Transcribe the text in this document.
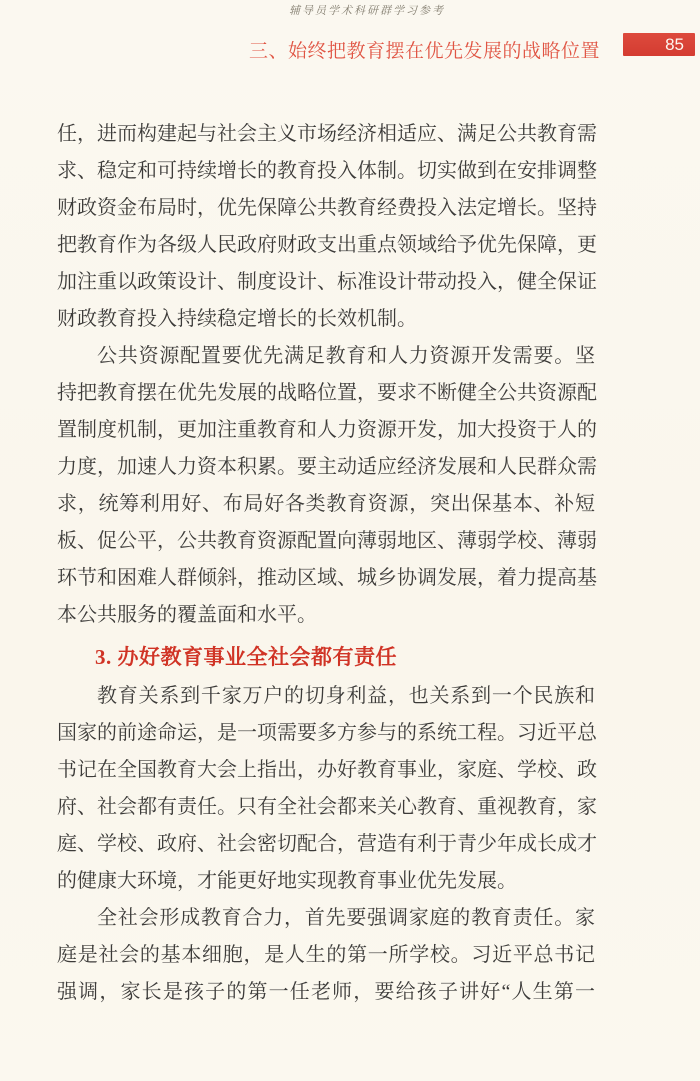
辅导员学术科研群学习参考
三、始终把教育摆在优先发展的战略位置	85
任，进而构建起与社会主义市场经济相适应、满足公共教育需
求、稳定和可持续增长的教育投入体制。切实做到在安排调整
财政资金布局时，优先保障公共教育经费投入法定增长。坚持
把教育作为各级人民政府财政支出重点领域给予优先保障，更
加注重以政策设计、制度设计、标准设计带动投入，健全保证
财政教育投入持续稳定增长的长效机制。
公共资源配置要优先满足教育和人力资源开发需要。坚
持把教育摆在优先发展的战略位置，要求不断健全公共资源配
置制度机制，更加注重教育和人力资源开发，加大投资于人的
力度，加速人力资本积累。要主动适应经济发展和人民群众需
求，统筹利用好、布局好各类教育资源，突出保基本、补短
板、促公平，公共教育资源配置向薄弱地区、薄弱学校、薄弱
环节和困难人群倾斜，推动区域、城乡协调发展，着力提高基
本公共服务的覆盖面和水平。
3. 办好教育事业全社会都有责任
教育关系到千家万户的切身利益，也关系到一个民族和
国家的前途命运，是一项需要多方参与的系统工程。习近平总
书记在全国教育大会上指出，办好教育事业，家庭、学校、政
府、社会都有责任。只有全社会都来关心教育、重视教育，家
庭、学校、政府、社会密切配合，营造有利于青少年成长成才
的健康大环境，才能更好地实现教育事业优先发展。
全社会形成教育合力，首先要强调家庭的教育责任。家
庭是社会的基本细胞，是人生的第一所学校。习近平总书记
强调，家长是孩子的第一任老师，要给孩子讲好“人生第一
